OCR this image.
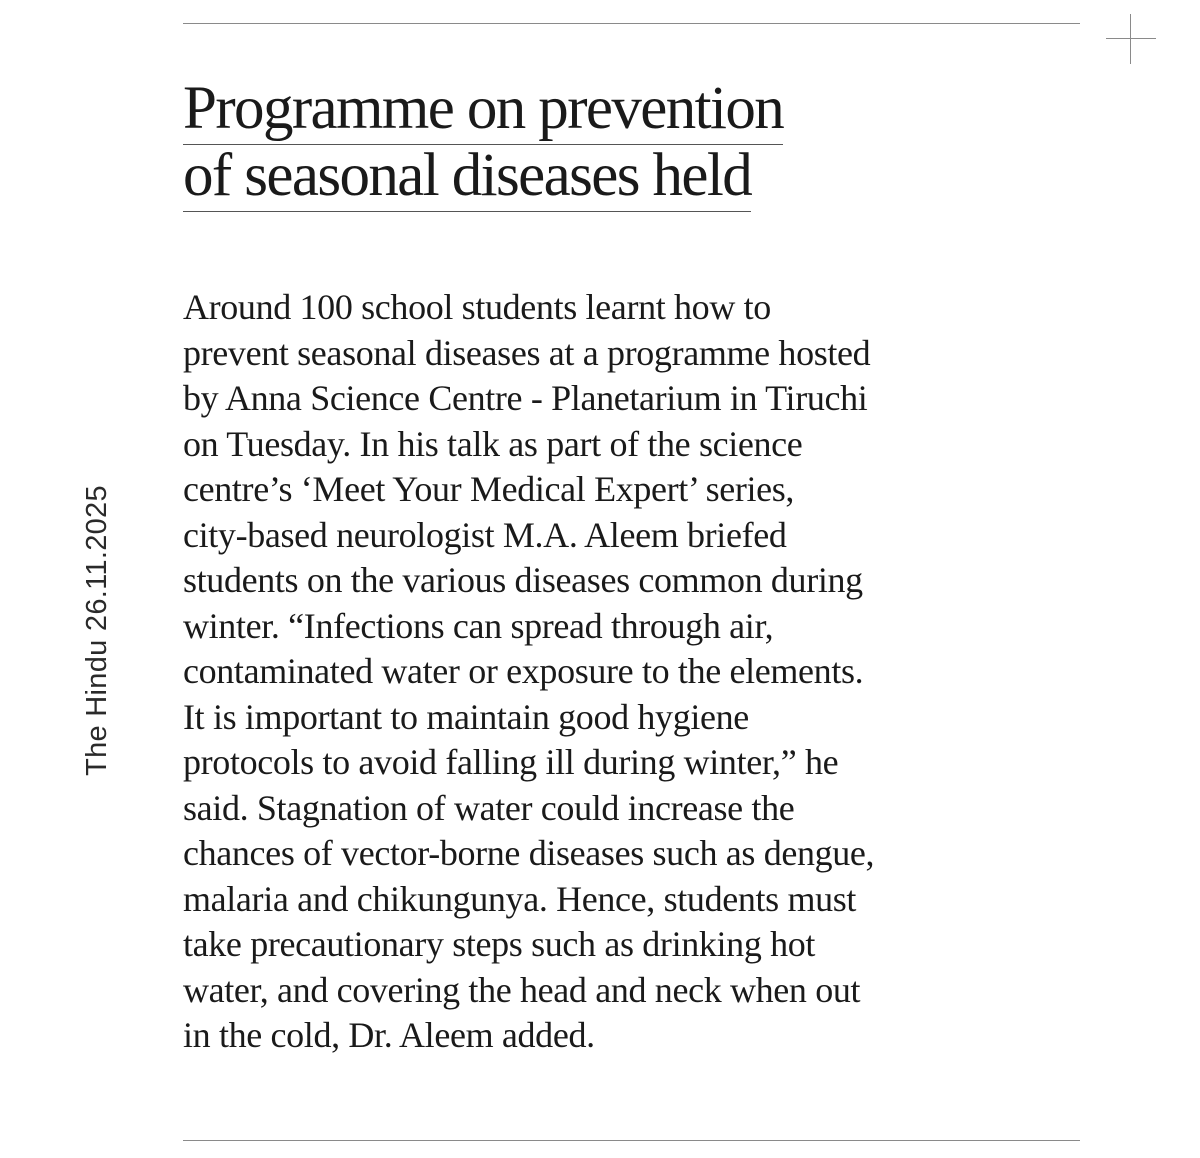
The Hindu 26.11.2025
Programme on prevention
of seasonal diseases held

Around 100 school students learnt how to
prevent seasonal diseases at a programme hosted
by Anna Science Centre - Planetarium in Tiruchi
on Tuesday. In his talk as part of the science
centre’s ‘Meet Your Medical Expert’ series,
city-based neurologist M.A. Aleem briefed
students on the various diseases common during
winter. “Infections can spread through air,
contaminated water or exposure to the elements.
It is important to maintain good hygiene
protocols to avoid falling ill during winter,” he
said. Stagnation of water could increase the
chances of vector-borne diseases such as dengue,
malaria and chikungunya. Hence, students must
take precautionary steps such as drinking hot
water, and covering the head and neck when out
in the cold, Dr. Aleem added.
